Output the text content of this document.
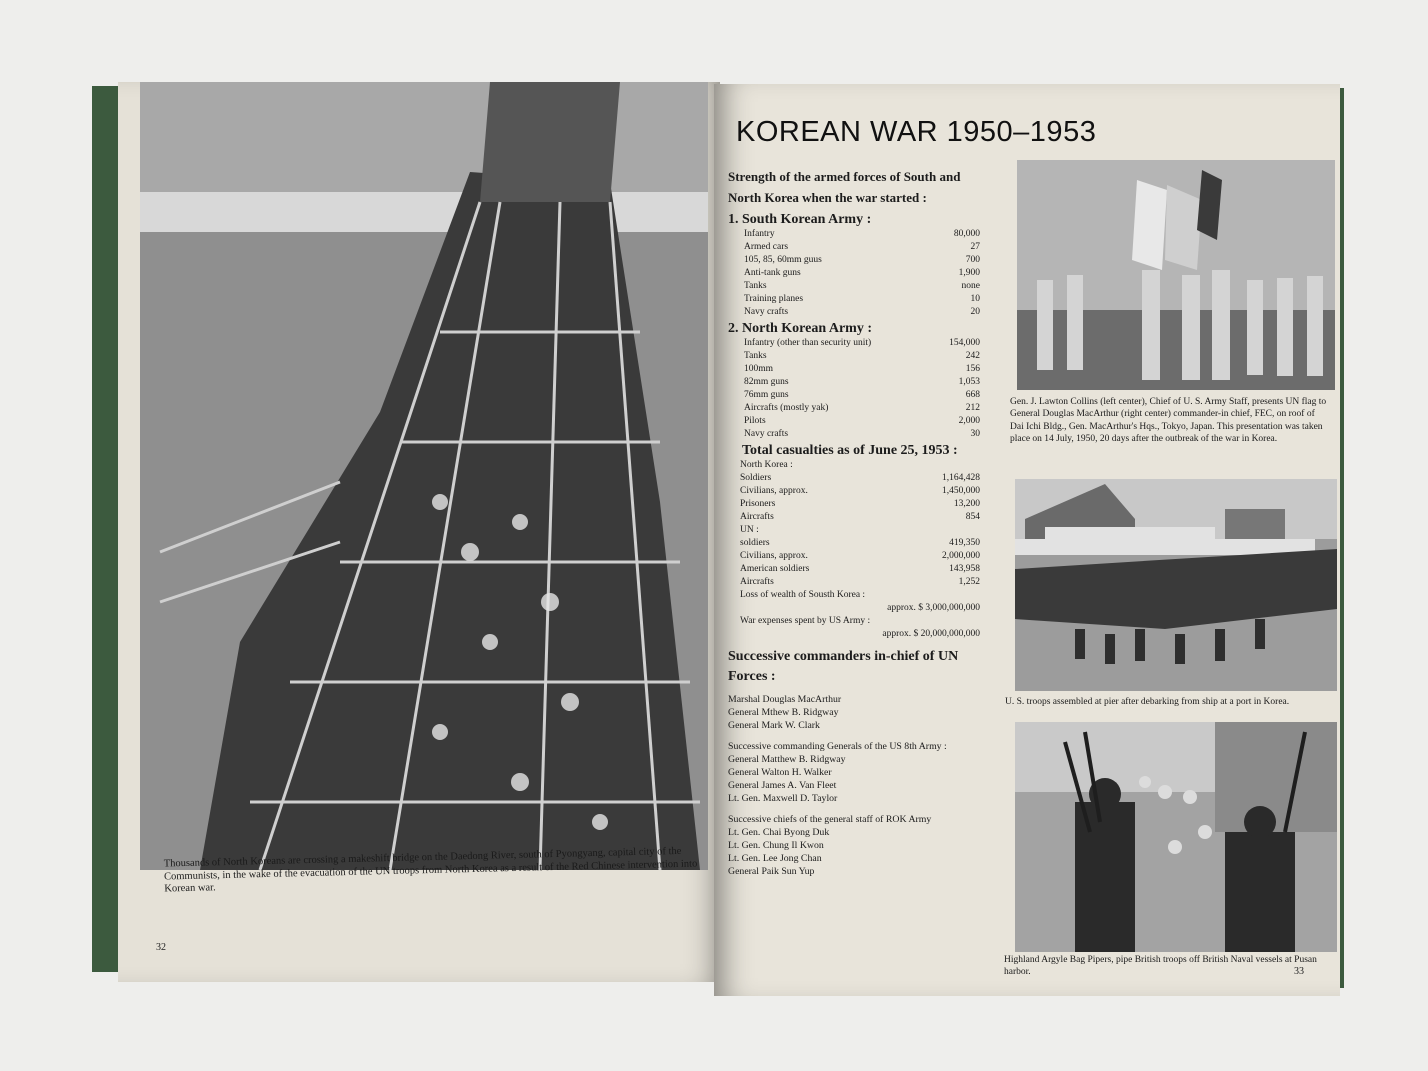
Thousands of North Koreans are crossing a makeshift bridge on the Daedong River, south of Pyongyang, capital city of the Communists, in the wake of the evacuation of the UN troops from North Korea as a result of the Red Chinese intervention into Korean war.
32
KOREAN WAR 1950–1953
Strength of the armed forces of South and North Korea when the war started :
1. South Korean Army :
Infantry	80,000
Armed cars	27
105, 85, 60mm guus	700
Anti-tank guns	1,900
Tanks	none
Training planes	10
Navy crafts	20
2. North Korean Army :
Infantry (other than security unit)	154,000
Tanks	242
100mm	156
82mm guns	1,053
76mm guns	668
Aircrafts (mostly yak)	212
Pilots	2,000
Navy crafts	30
Total casualties as of June 25, 1953 :
North Korea :
Soldiers	1,164,428
Civilians, approx.	1,450,000
Prisoners	13,200
Aircrafts	854
UN :
soldiers	419,350
Civilians, approx.	2,000,000
American soldiers	143,958
Aircrafts	1,252
Loss of wealth of Sousth Korea :
approx. $ 3,000,000,000
War expenses spent by US Army :
approx. $ 20,000,000,000
Successive commanders in-chief of UN Forces :
Marshal Douglas MacArthur
General Mthew B. Ridgway
General Mark W. Clark
Successive commanding Generals of the US 8th Army :
General Matthew B. Ridgway
General Walton H. Walker
General James A. Van Fleet
Lt. Gen. Maxwell D. Taylor
Successive chiefs of the general staff of ROK Army
Lt. Gen. Chai Byong Duk
Lt. Gen. Chung Il Kwon
Lt. Gen. Lee Jong Chan
General Paik Sun Yup
Gen. J. Lawton Collins (left center), Chief of U. S. Army Staff, presents UN flag to General Douglas MacArthur (right center) commander-in chief, FEC, on roof of Dai Ichi Bldg., Gen. MacArthur's Hqs., Tokyo, Japan. This presentation was taken place on 14 July, 1950, 20 days after the outbreak of the war in Korea.
U. S. troops assembled at pier after debarking from ship at a port in Korea.
Highland Argyle Bag Pipers, pipe British troops off British Naval vessels at Pusan harbor.	33
